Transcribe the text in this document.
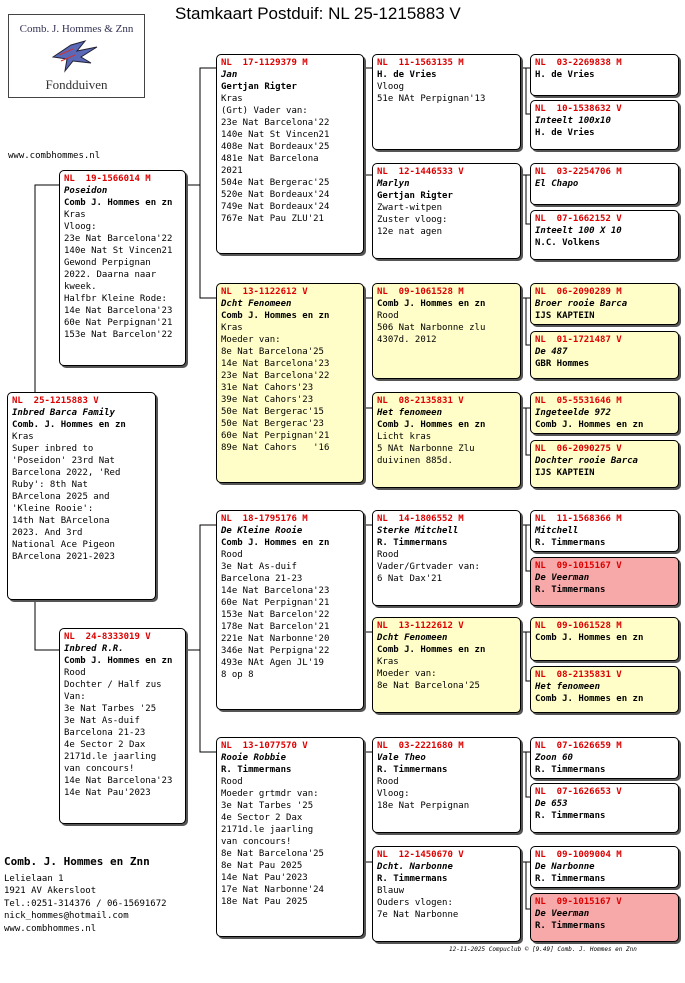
Stamkaart Postduif: NL 25-1215883 V
Comb. J. Hommes & Znn
Fondduiven
www.combhommes.nl
NL  25-1215883 V
Inbred Barca Family
Comb. J. Hommes en zn
Kras
Super inbred to
'Poseidon' 23rd Nat
Barcelona 2022, 'Red
Ruby': 8th Nat
BArcelona 2025 and
'Kleine Rooie':
14th Nat BArcelona
2023. And 3rd
National Ace Pigeon
BArcelona 2021-2023
NL  19-1566014 M
Poseidon
Comb J. Hommes en zn
Kras
Vloog:
23e Nat Barcelona'22
140e Nat St Vincen21
Gewond Perpignan
2022. Daarna naar
kweek.
Halfbr Kleine Rode:
14e Nat Barcelona'23
60e Nat Perpignan'21
153e Nat Barcelon'22
NL  24-8333019 V
Inbred R.R.
Comb J. Hommes en zn
Rood
Dochter / Half zus
Van:
3e Nat Tarbes '25
3e Nat As-duif
Barcelona 21-23
4e Sector 2 Dax
2171d.le jaarling
van concours!
14e Nat Barcelona'23
14e Nat Pau'2023
NL  17-1129379 M
Jan
Gertjan Rigter
Kras
(Grt) Vader van:
23e Nat Barcelona'22
140e Nat St Vincen21
408e Nat Bordeaux'25
481e Nat Barcelona
2021
504e Nat Bergerac'25
520e Nat Bordeaux'24
749e Nat Bordeaux'24
767e Nat Pau ZLU'21
NL  13-1122612 V
Dcht Fenomeen
Comb J. Hommes en zn
Kras
Moeder van:
8e Nat Barcelona'25
14e Nat Barcelona'23
23e Nat Barcelona'22
31e Nat Cahors'23
39e Nat Cahors'23
50e Nat Bergerac'15
50e Nat Bergerac'23
60e Nat Perpignan'21
89e Nat Cahors   '16
NL  18-1795176 M
De Kleine Rooie
Comb J. Hommes en zn
Rood
3e Nat As-duif
Barcelona 21-23
14e Nat Barcelona'23
60e Nat Perpignan'21
153e Nat Barcelon'22
178e Nat Barcelon'21
221e Nat Narbonne'20
346e Nat Perpigna'22
493e NAt Agen JL'19
8 op 8
NL  13-1077570 V
Rooie Robbie
R. Timmermans
Rood
Moeder grtmdr van:
3e Nat Tarbes '25
4e Sector 2 Dax
2171d.le jaarling
van concours!
8e Nat Barcelona'25
8e Nat Pau 2025
14e Nat Pau'2023
17e Nat Narbonne'24
18e Nat Pau 2025
NL  11-1563135 M
H. de Vries
Vloog
51e NAt Perpignan'13
NL  12-1446533 V
Marlyn
Gertjan Rigter
Zwart-witpen
Zuster vloog:
12e nat agen
NL  09-1061528 M
Comb J. Hommes en zn
Rood
506 Nat Narbonne zlu
4307d. 2012
NL  08-2135831 V
Het fenomeen
Comb J. Hommes en zn
Licht kras
5 NAt Narbonne Zlu
duivinen 885d.
NL  14-1806552 M
Sterke Mitchell
R. Timmermans
Rood
Vader/Grtvader van:
6 Nat Dax'21
NL  13-1122612 V
Dcht Fenomeen
Comb J. Hommes en zn
Kras
Moeder van:
8e Nat Barcelona'25
NL  03-2221680 M
Vale Theo
R. Timmermans
Rood
Vloog:
18e Nat Perpignan
NL  12-1450670 V
Dcht. Narbonne
R. Timmermans
Blauw
Ouders vlogen:
7e Nat Narbonne
NL  03-2269838 M
H. de Vries
NL  10-1538632 V
Inteelt 100x10
H. de Vries
NL  03-2254706 M
El Chapo
NL  07-1662152 V
Inteelt 100 X 10
N.C. Volkens
NL  06-2090289 M
Broer rooie Barca
IJS KAPTEIN
NL  01-1721487 V
De 487
GBR Hommes
NL  05-5531646 M
Ingeteelde 972
Comb J. Hommes en zn
NL  06-2090275 V
Dochter rooie Barca
IJS KAPTEIN
NL  11-1568366 M
Mitchell
R. Timmermans
NL  09-1015167 V
De Veerman
R. Timmermans
NL  09-1061528 M
Comb J. Hommes en zn
NL  08-2135831 V
Het fenomeen
Comb J. Hommes en zn
NL  07-1626659 M
Zoon 60
R. Timmermans
NL  07-1626653 V
De 653
R. Timmermans
NL  09-1009004 M
De Narbonne
R. Timmermans
NL  09-1015167 V
De Veerman
R. Timmermans
Comb. J. Hommes en Znn
Lelielaan 1
1921 AV Akersloot
Tel.:0251-314376 / 06-15691672
nick_hommes@hotmail.com
www.combhommes.nl
12-11-2025 Compuclub © [9.49] Comb. J. Hommes en Znn
